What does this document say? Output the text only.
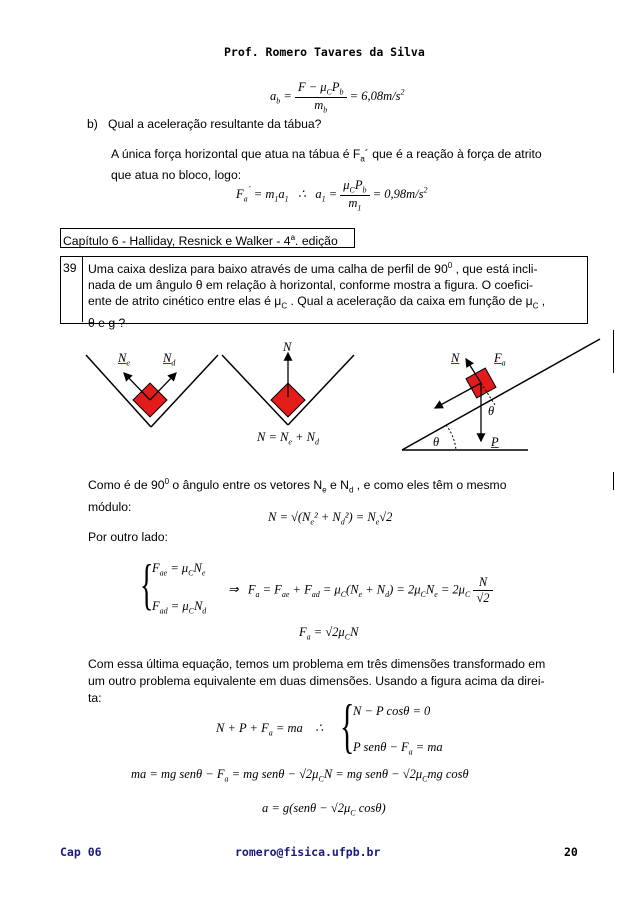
Prof. Romero Tavares da Silva
$a_b = \frac{F - \mu_CP_b}{m_b} = 6,08m/s^2$
b) Qual a aceleração resultante da tábua?
A única força horizontal que atua na tábua é $F_a´$ que é a reação à força de atrito
que atua no bloco, logo:
$F_a^´ = m_1a_1$ ∴ $a_1 = \frac{\mu_CP_b}{m_1} = 0,98m/s^2$
Capítulo 6 - Halliday, Resnick e Walker - 4$^a$. edição
39 Uma caixa desliza para baixo através de uma calha de perfil de $90^0$ , que está incli-
nada de um ângulo θ em relação à horizontal, conforme mostra a figura. O coefici-
ente de atrito cinético entre elas é $\mu_C$ . Qual a aceleração da caixa em função de $\mu_C$ ,
θ e g ?
$N_e$	$N_d$
N
$N = N_e + N_d$
N	$F_a$
θ
θ	P
Como é de $90^0$ o ângulo entre os vetores $N_e$ e $N_d$ , e como eles têm o mesmo
módulo:
$N = √(N_e^2 + N_d^2) = N_e√2$
Por outro lado:
{
$F_{ae} = \mu_CN_e$
$F_{ad} = \mu_CN_d$
⇒ $F_a = F_{ae} + F_{ad} = \mu_C(N_e + N_d) = 2\mu_CN_e = 2\mu_C \frac{N}{√2}$
$F_a = √2\mu_CN$
Com essa última equação, temos um problema em três dimensões transformado em
um outro problema equivalente em duas dimensões. Usando a figura acima da direi-
ta:
$N + P + F_a$ = ma ∴ {
N − P cosθ = 0
P $sen\theta - F_a$ = ma
ma = mg $sen\theta - F_a$ = mg $sen\theta - √2\mu_CN$ = mg $sen\theta - √2\mu_Cmg$ cosθ
$a = g(sen\theta - √2\mu_C$ cosθ)
Cap 06	romero@fisica.ufpb.br	20
